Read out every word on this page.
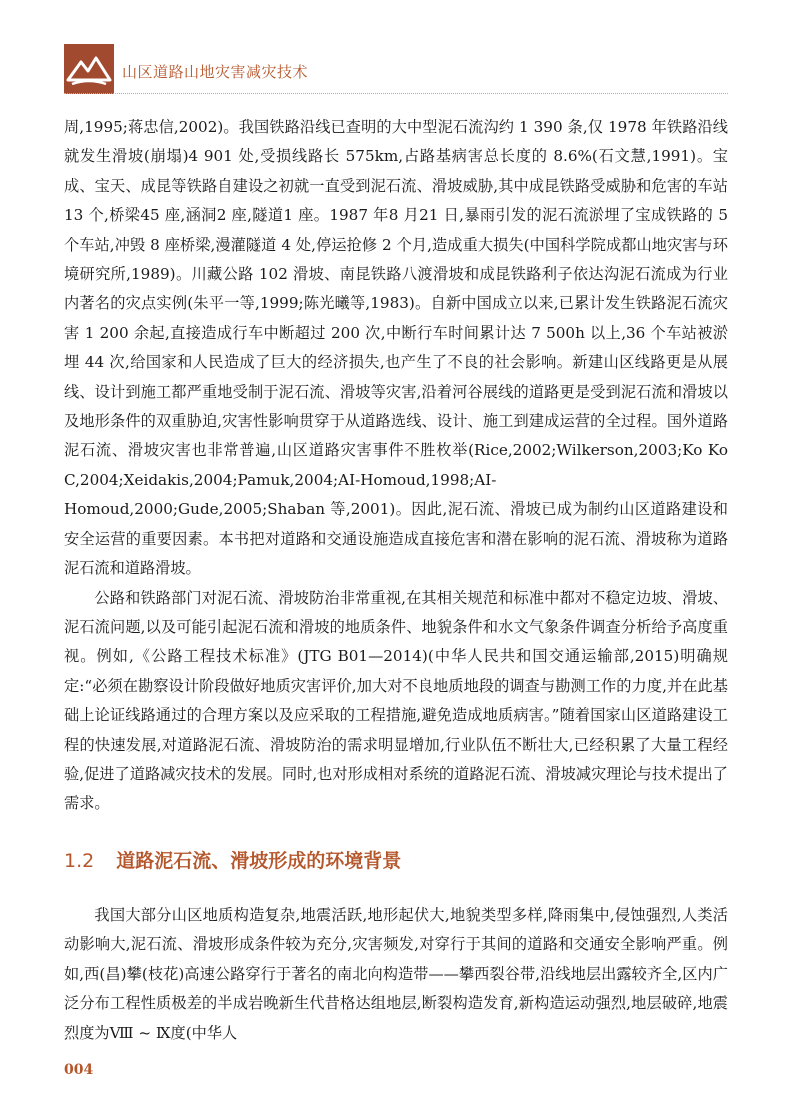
山区道路山地灾害减灾技术

周,1995;蒋忠信,2002)。我国铁路沿线已查明的大中型泥石流沟约 1 390 条,仅 1978 年铁路沿线就发生滑坡(崩塌)4 901 处,受损线路长 575km,占路基病害总长度的 8.6%(石文慧,1991)。宝成、宝天、成昆等铁路自建设之初就一直受到泥石流、滑坡威胁,其中成昆铁路受威胁和危害的车站 13 个,桥梁45 座,涵洞2 座,隧道1 座。1987 年8 月21 日,暴雨引发的泥石流淤埋了宝成铁路的 5 个车站,冲毁 8 座桥梁,漫灌隧道 4 处,停运抢修 2 个月,造成重大损失(中国科学院成都山地灾害与环境研究所,1989)。川藏公路 102 滑坡、南昆铁路八渡滑坡和成昆铁路利子依达沟泥石流成为行业内著名的灾点实例(朱平一等,1999;陈光曦等,1983)。自新中国成立以来,已累计发生铁路泥石流灾害 1 200 余起,直接造成行车中断超过 200 次,中断行车时间累计达 7 500h 以上,36 个车站被淤埋 44 次,给国家和人民造成了巨大的经济损失,也产生了不良的社会影响。新建山区线路更是从展线、设计到施工都严重地受制于泥石流、滑坡等灾害,沿着河谷展线的道路更是受到泥石流和滑坡以及地形条件的双重胁迫,灾害性影响贯穿于从道路选线、设计、施工到建成运营的全过程。国外道路泥石流、滑坡灾害也非常普遍,山区道路灾害事件不胜枚举(Rice,2002;Wilkerson,2003;Ko Ko C,2004;Xeidakis,2004;Pamuk,2004;AI-Homoud,1998;AI-Homoud,2000;Gude,2005;Shaban 等,2001)。因此,泥石流、滑坡已成为制约山区道路建设和安全运营的重要因素。本书把对道路和交通设施造成直接危害和潜在影响的泥石流、滑坡称为道路泥石流和道路滑坡。

公路和铁路部门对泥石流、滑坡防治非常重视,在其相关规范和标准中都对不稳定边坡、滑坡、泥石流问题,以及可能引起泥石流和滑坡的地质条件、地貌条件和水文气象条件调查分析给予高度重视。例如,《公路工程技术标准》(JTG B01—2014)(中华人民共和国交通运输部,2015)明确规定:“必须在勘察设计阶段做好地质灾害评价,加大对不良地质地段的调查与勘测工作的力度,并在此基础上论证线路通过的合理方案以及应采取的工程措施,避免造成地质病害。”随着国家山区道路建设工程的快速发展,对道路泥石流、滑坡防治的需求明显增加,行业队伍不断壮大,已经积累了大量工程经验,促进了道路减灾技术的发展。同时,也对形成相对系统的道路泥石流、滑坡减灾理论与技术提出了需求。

1.2 道路泥石流、滑坡形成的环境背景

我国大部分山区地质构造复杂,地震活跃,地形起伏大,地貌类型多样,降雨集中,侵蚀强烈,人类活动影响大,泥石流、滑坡形成条件较为充分,灾害频发,对穿行于其间的道路和交通安全影响严重。例如,西(昌)攀(枝花)高速公路穿行于著名的南北向构造带——攀西裂谷带,沿线地层出露较齐全,区内广泛分布工程性质极差的半成岩晚新生代昔格达组地层,断裂构造发育,新构造运动强烈,地层破碎,地震烈度为Ⅷ ~ Ⅸ度(中华人

004
